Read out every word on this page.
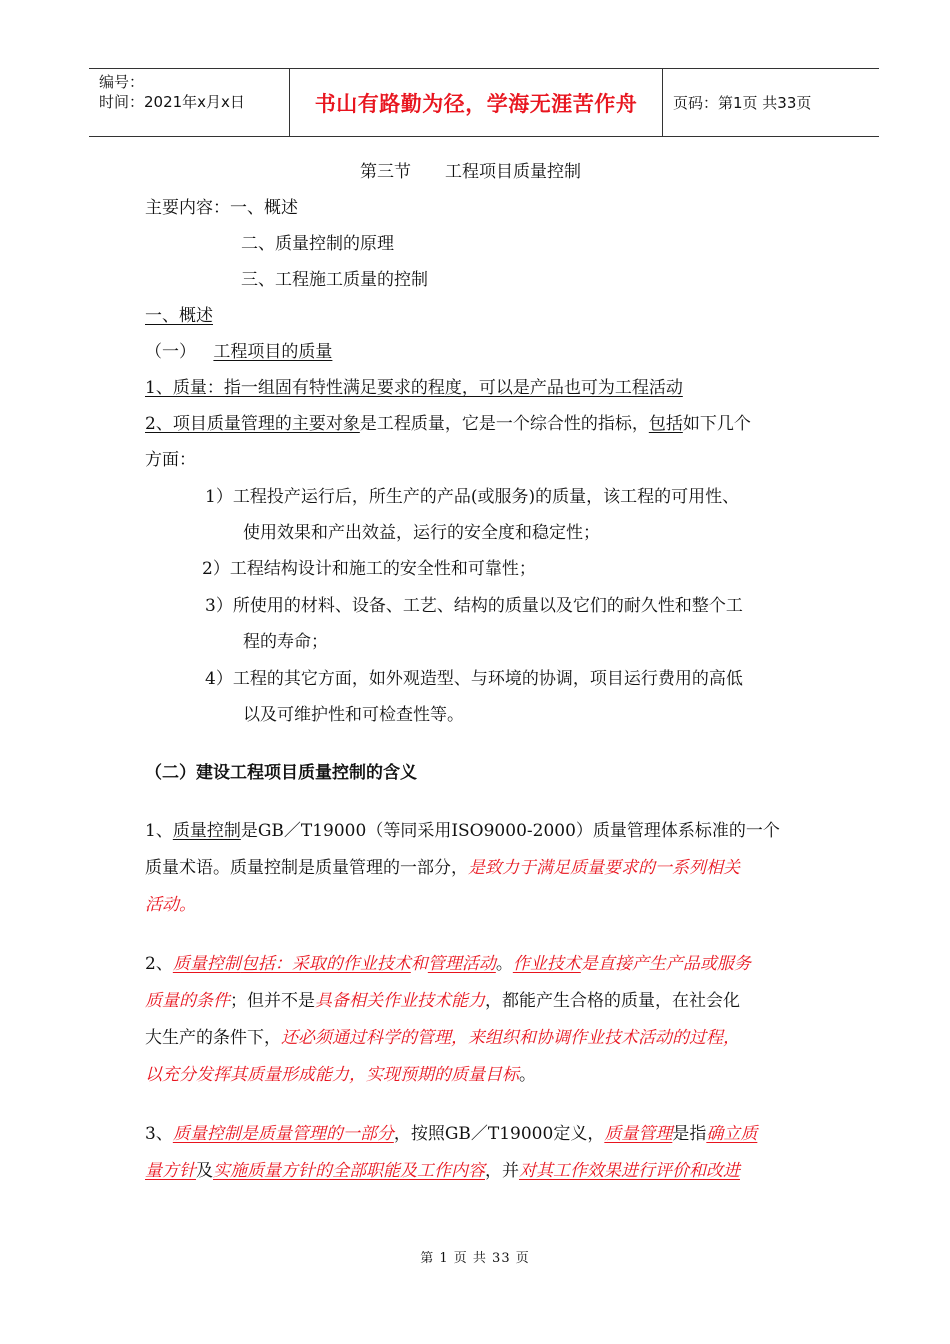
编号：
时间：2021年x月x日	书山有路勤为径，学海无涯苦作舟	页码：第1页 共33页
第三节　　工程项目质量控制
主要内容：一、概述
二、质量控制的原理
三、工程施工质量的控制
一、概述
（一） 工程项目的质量
1、质量：指一组固有特性满足要求的程度，可以是产品也可为工程活动
2、项目质量管理的主要对象是工程质量，它是一个综合性的指标，包括如下几个
方面：
1）工程投产运行后，所生产的产品(或服务)的质量，该工程的可用性、
使用效果和产出效益，运行的安全度和稳定性；
2）工程结构设计和施工的安全性和可靠性；
3）所使用的材料、设备、工艺、结构的质量以及它们的耐久性和整个工
程的寿命；
4）工程的其它方面，如外观造型、与环境的协调，项目运行费用的高低
以及可维护性和可检查性等。
（二）建设工程项目质量控制的含义
1、质量控制是GB／T19000（等同采用ISO9000-2000）质量管理体系标准的一个
质量术语。质量控制是质量管理的一部分，是致力于满足质量要求的一系列相关
活动。
2、质量控制包括：采取的作业技术和管理活动。作业技术是直接产生产品或服务
质量的条件；但并不是具备相关作业技术能力，都能产生合格的质量，在社会化
大生产的条件下，还必须通过科学的管理，来组织和协调作业技术活动的过程，
以充分发挥其质量形成能力，实现预期的质量目标。
3、质量控制是质量管理的一部分，按照GB／T19000定义，质量管理是指确立质
量方针及实施质量方针的全部职能及工作内容，并对其工作效果进行评价和改进
第 1 页 共 33 页
